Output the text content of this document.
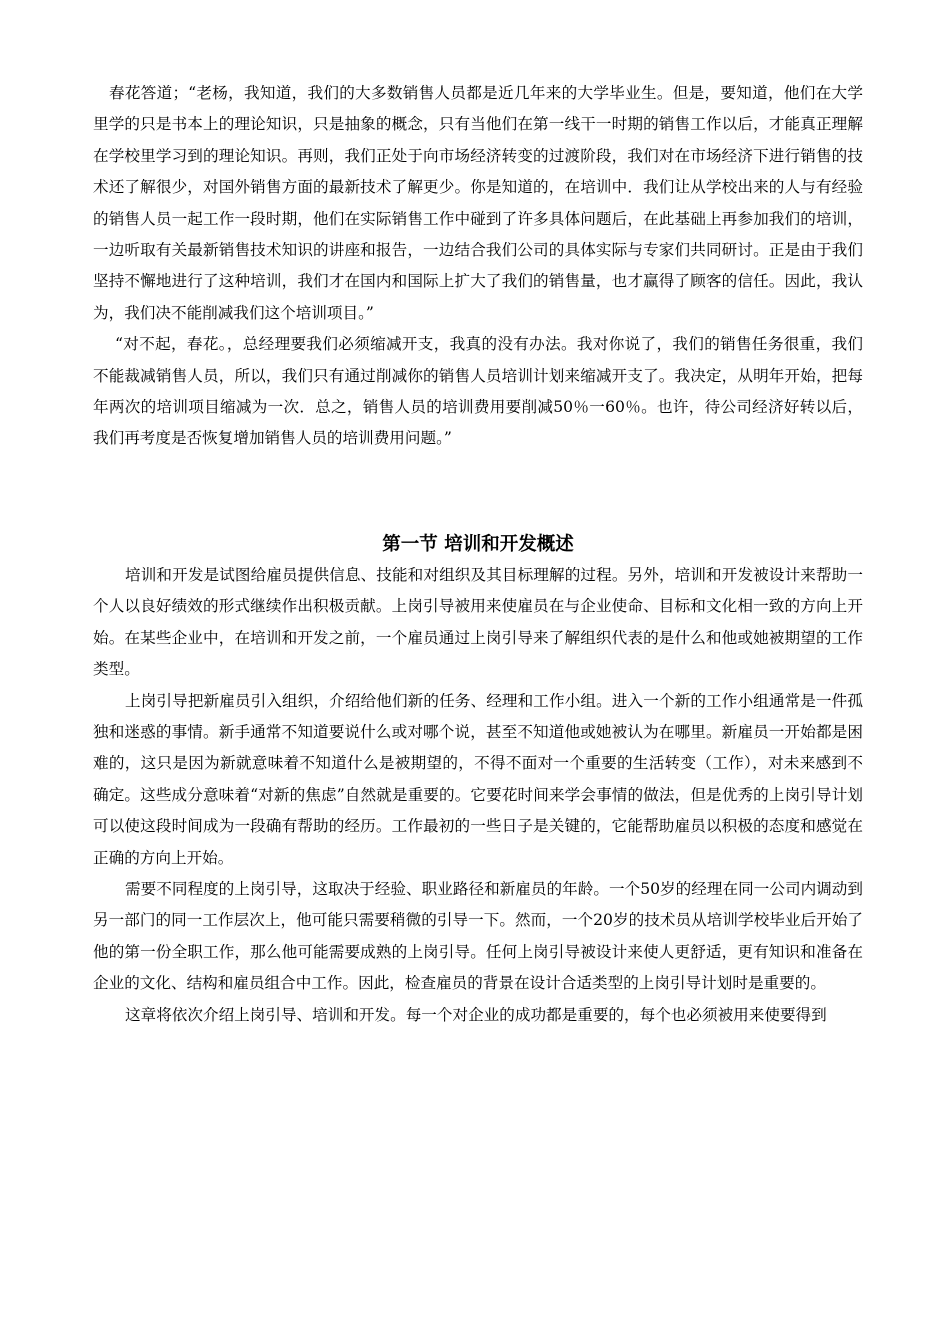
春花答道；“老杨，我知道，我们的大多数销售人员都是近几年来的大学毕业生。但是，要知道，他们在大学里学的只是书本上的理论知识，只是抽象的概念，只有当他们在第一线干一时期的销售工作以后，才能真正理解在学校里学习到的理论知识。再则，我们正处于向市场经济转变的过渡阶段，我们对在市场经济下进行销售的技术还了解很少，对国外销售方面的最新技术了解更少。你是知道的，在培训中．我们让从学校出来的人与有经验的销售人员一起工作一段时期，他们在实际销售工作中碰到了许多具体问题后，在此基础上再参加我们的培训，一边听取有关最新销售技术知识的讲座和报告，一边结合我们公司的具体实际与专家们共同研讨。正是由于我们坚持不懈地进行了这种培训，我们才在国内和国际上扩大了我们的销售量，也才赢得了顾客的信任。因此，我认为，我们决不能削减我们这个培训项目。”

“对不起，春花。，总经理要我们必须缩减开支，我真的没有办法。我对你说了，我们的销售任务很重，我们不能裁减销售人员，所以，我们只有通过削减你的销售人员培训计划来缩减开支了。我决定，从明年开始，把每年两次的培训项目缩减为一次．总之，销售人员的培训费用要削减50％一60％。也许，待公司经济好转以后，我们再考度是否恢复增加销售人员的培训费用问题。”

第一节 培训和开发概述

培训和开发是试图给雇员提供信息、技能和对组织及其目标理解的过程。另外，培训和开发被设计来帮助一个人以良好绩效的形式继续作出积极贡献。上岗引导被用来使雇员在与企业使命、目标和文化相一致的方向上开始。在某些企业中，在培训和开发之前，一个雇员通过上岗引导来了解组织代表的是什么和他或她被期望的工作类型。

上岗引导把新雇员引入组织，介绍给他们新的任务、经理和工作小组。进入一个新的工作小组通常是一件孤独和迷惑的事情。新手通常不知道要说什么或对哪个说，甚至不知道他或她被认为在哪里。新雇员一开始都是困难的，这只是因为新就意味着不知道什么是被期望的，不得不面对一个重要的生活转变（工作），对未来感到不确定。这些成分意味着“对新的焦虑”自然就是重要的。它要花时间来学会事情的做法，但是优秀的上岗引导计划可以使这段时间成为一段确有帮助的经历。工作最初的一些日子是关键的，它能帮助雇员以积极的态度和感觉在正确的方向上开始。

需要不同程度的上岗引导，这取决于经验、职业路径和新雇员的年龄。一个50岁的经理在同一公司内调动到另一部门的同一工作层次上，他可能只需要稍微的引导一下。然而，一个20岁的技术员从培训学校毕业后开始了他的第一份全职工作，那么他可能需要成熟的上岗引导。任何上岗引导被设计来使人更舒适，更有知识和准备在企业的文化、结构和雇员组合中工作。因此，检查雇员的背景在设计合适类型的上岗引导计划时是重要的。

这章将依次介绍上岗引导、培训和开发。每一个对企业的成功都是重要的，每个也必须被用来使要得到
